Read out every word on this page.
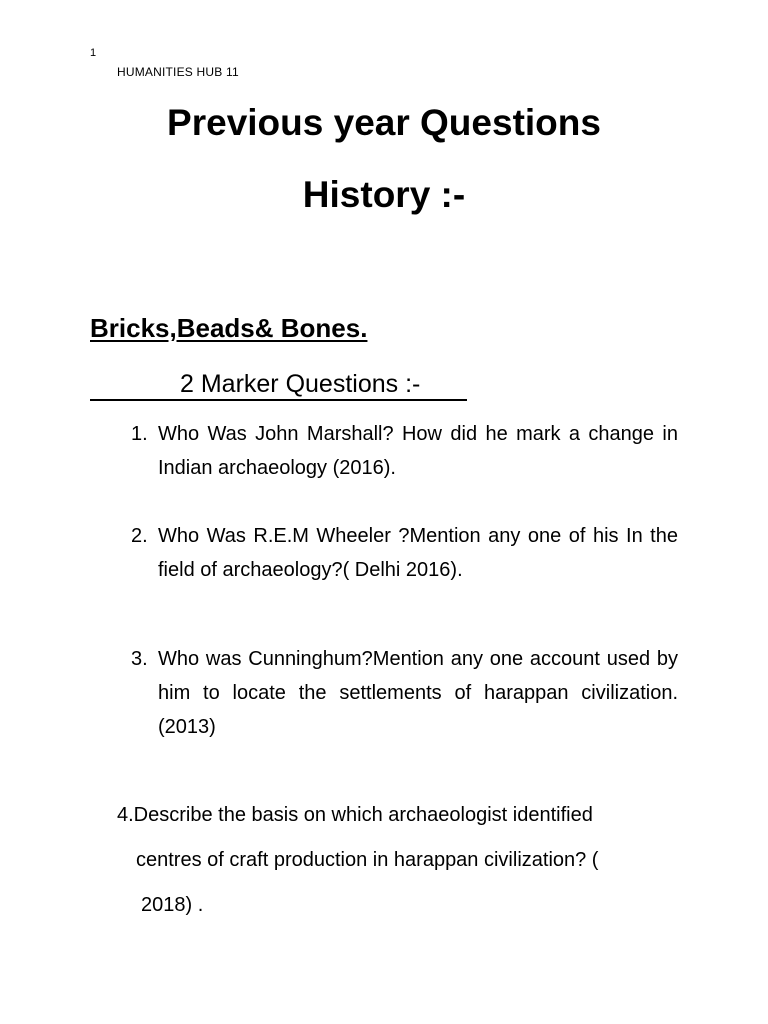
1
HUMANITIES HUB 11
Previous year Questions
History :-
Bricks,Beads& Bones.
2 Marker Questions :-
1. Who Was John Marshall? How did he mark a change in Indian archaeology (2016).
2. Who Was R.E.M Wheeler ?Mention any one of his In the field of archaeology?( Delhi 2016).
3. Who was Cunninghum?Mention any one account used by him to locate the settlements of harappan civilization.(2013)
4.Describe the basis on which archaeologist identified
centres of craft production in harappan civilization? (
2018) .
